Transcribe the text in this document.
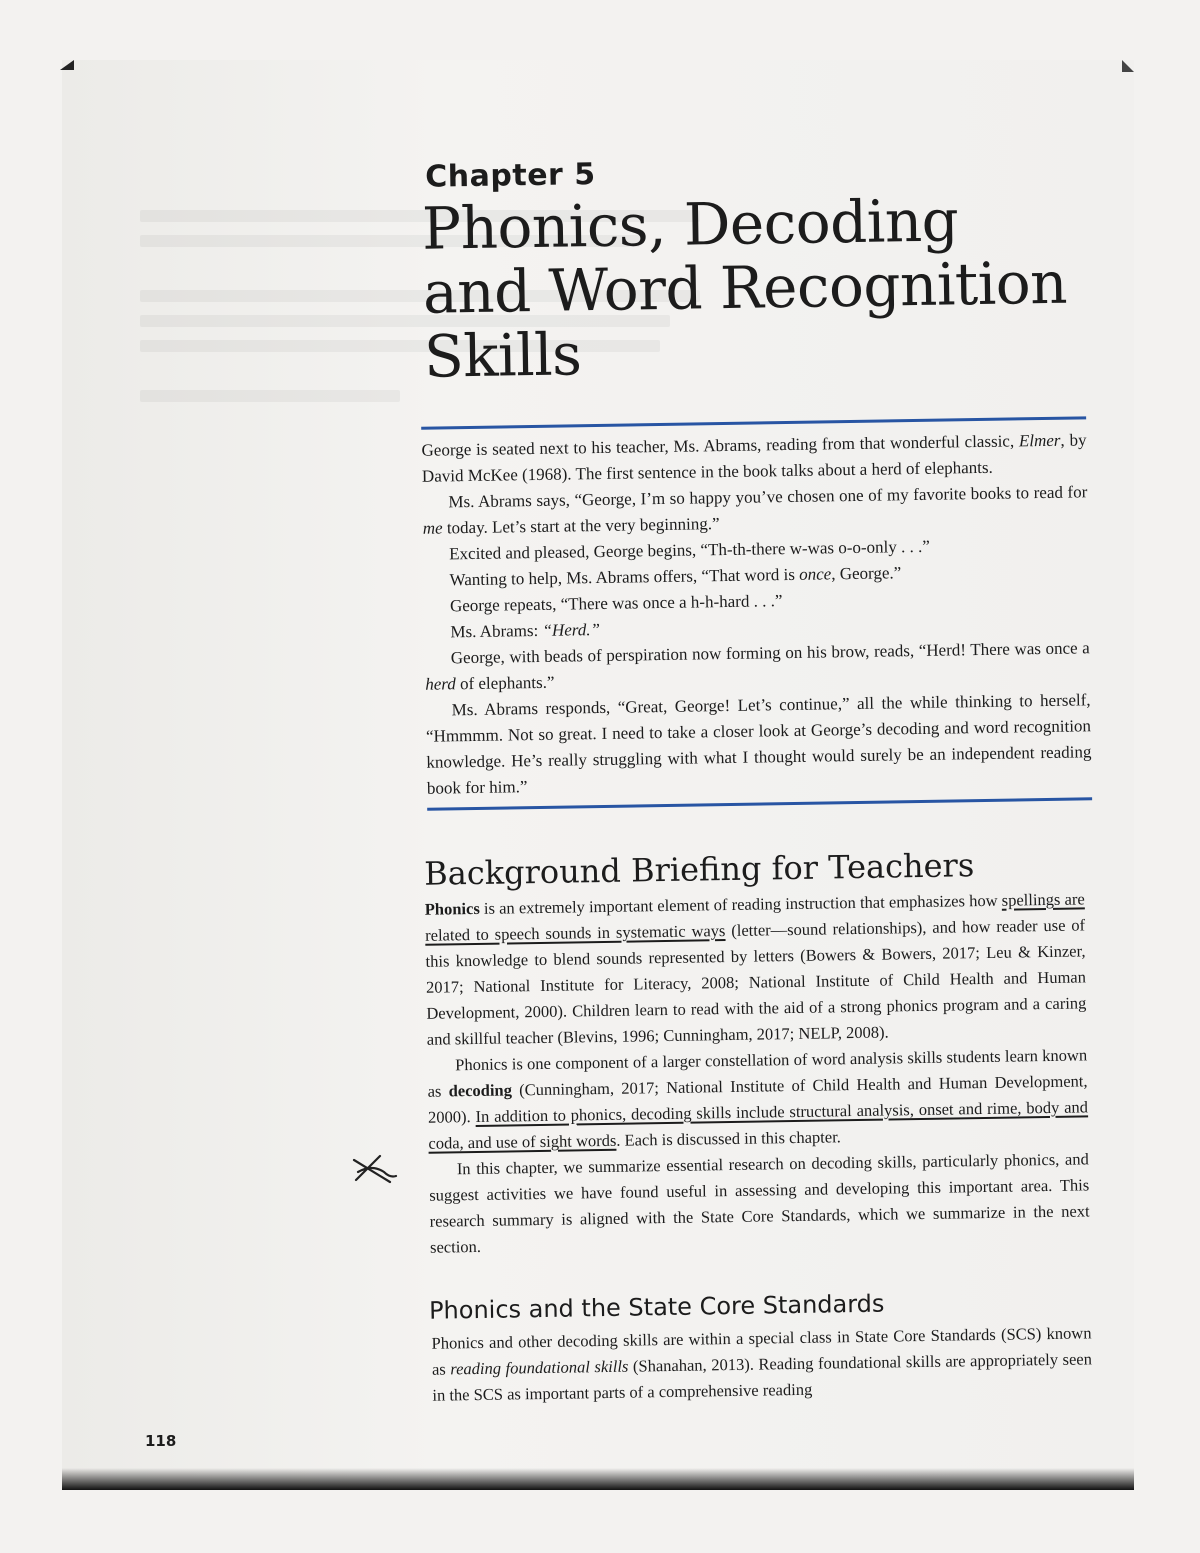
Chapter 5
Phonics, Decoding
and Word Recognition
Skills

George is seated next to his teacher, Ms. Abrams, reading from that wonderful classic, Elmer, by David McKee (1968). The first sentence in the book talks about a herd of elephants.

Ms. Abrams says, “George, I’m so happy you’ve chosen one of my favorite books to read for me today. Let’s start at the very beginning.”

Excited and pleased, George begins, “Th-th-there w-was o-o-only . . .”

Wanting to help, Ms. Abrams offers, “That word is once, George.”

George repeats, “There was once a h-h-hard . . .”

Ms. Abrams: “Herd.”

George, with beads of perspiration now forming on his brow, reads, “Herd! There was once a herd of elephants.”

Ms. Abrams responds, “Great, George! Let’s continue,” all the while thinking to herself, “Hmmmm. Not so great. I need to take a closer look at George’s decoding and word recognition knowledge. He’s really struggling with what I thought would surely be an independent reading book for him.”

Background Briefing for Teachers

Phonics is an extremely important element of reading instruction that emphasizes how spellings are related to speech sounds in systematic ways (letter—sound relationships), and how reader use of this knowledge to blend sounds represented by letters (Bowers & Bowers, 2017; Leu & Kinzer, 2017; National Institute for Literacy, 2008; National Institute of Child Health and Human Development, 2000). Children learn to read with the aid of a strong phonics program and a caring and skillful teacher (Blevins, 1996; Cunningham, 2017; NELP, 2008).

Phonics is one component of a larger constellation of word analysis skills students learn known as decoding (Cunningham, 2017; National Institute of Child Health and Human Development, 2000). In addition to phonics, decoding skills include structural analysis, onset and rime, body and coda, and use of sight words. Each is discussed in this chapter.

In this chapter, we summarize essential research on decoding skills, particularly phonics, and suggest activities we have found useful in assessing and developing this important area. This research summary is aligned with the State Core Standards, which we summarize in the next section.

Phonics and the State Core Standards

Phonics and other decoding skills are within a special class in State Core Standards (SCS) known as reading foundational skills (Shanahan, 2013). Reading foundational skills are appropriately seen in the SCS as important parts of a comprehensive reading

118
